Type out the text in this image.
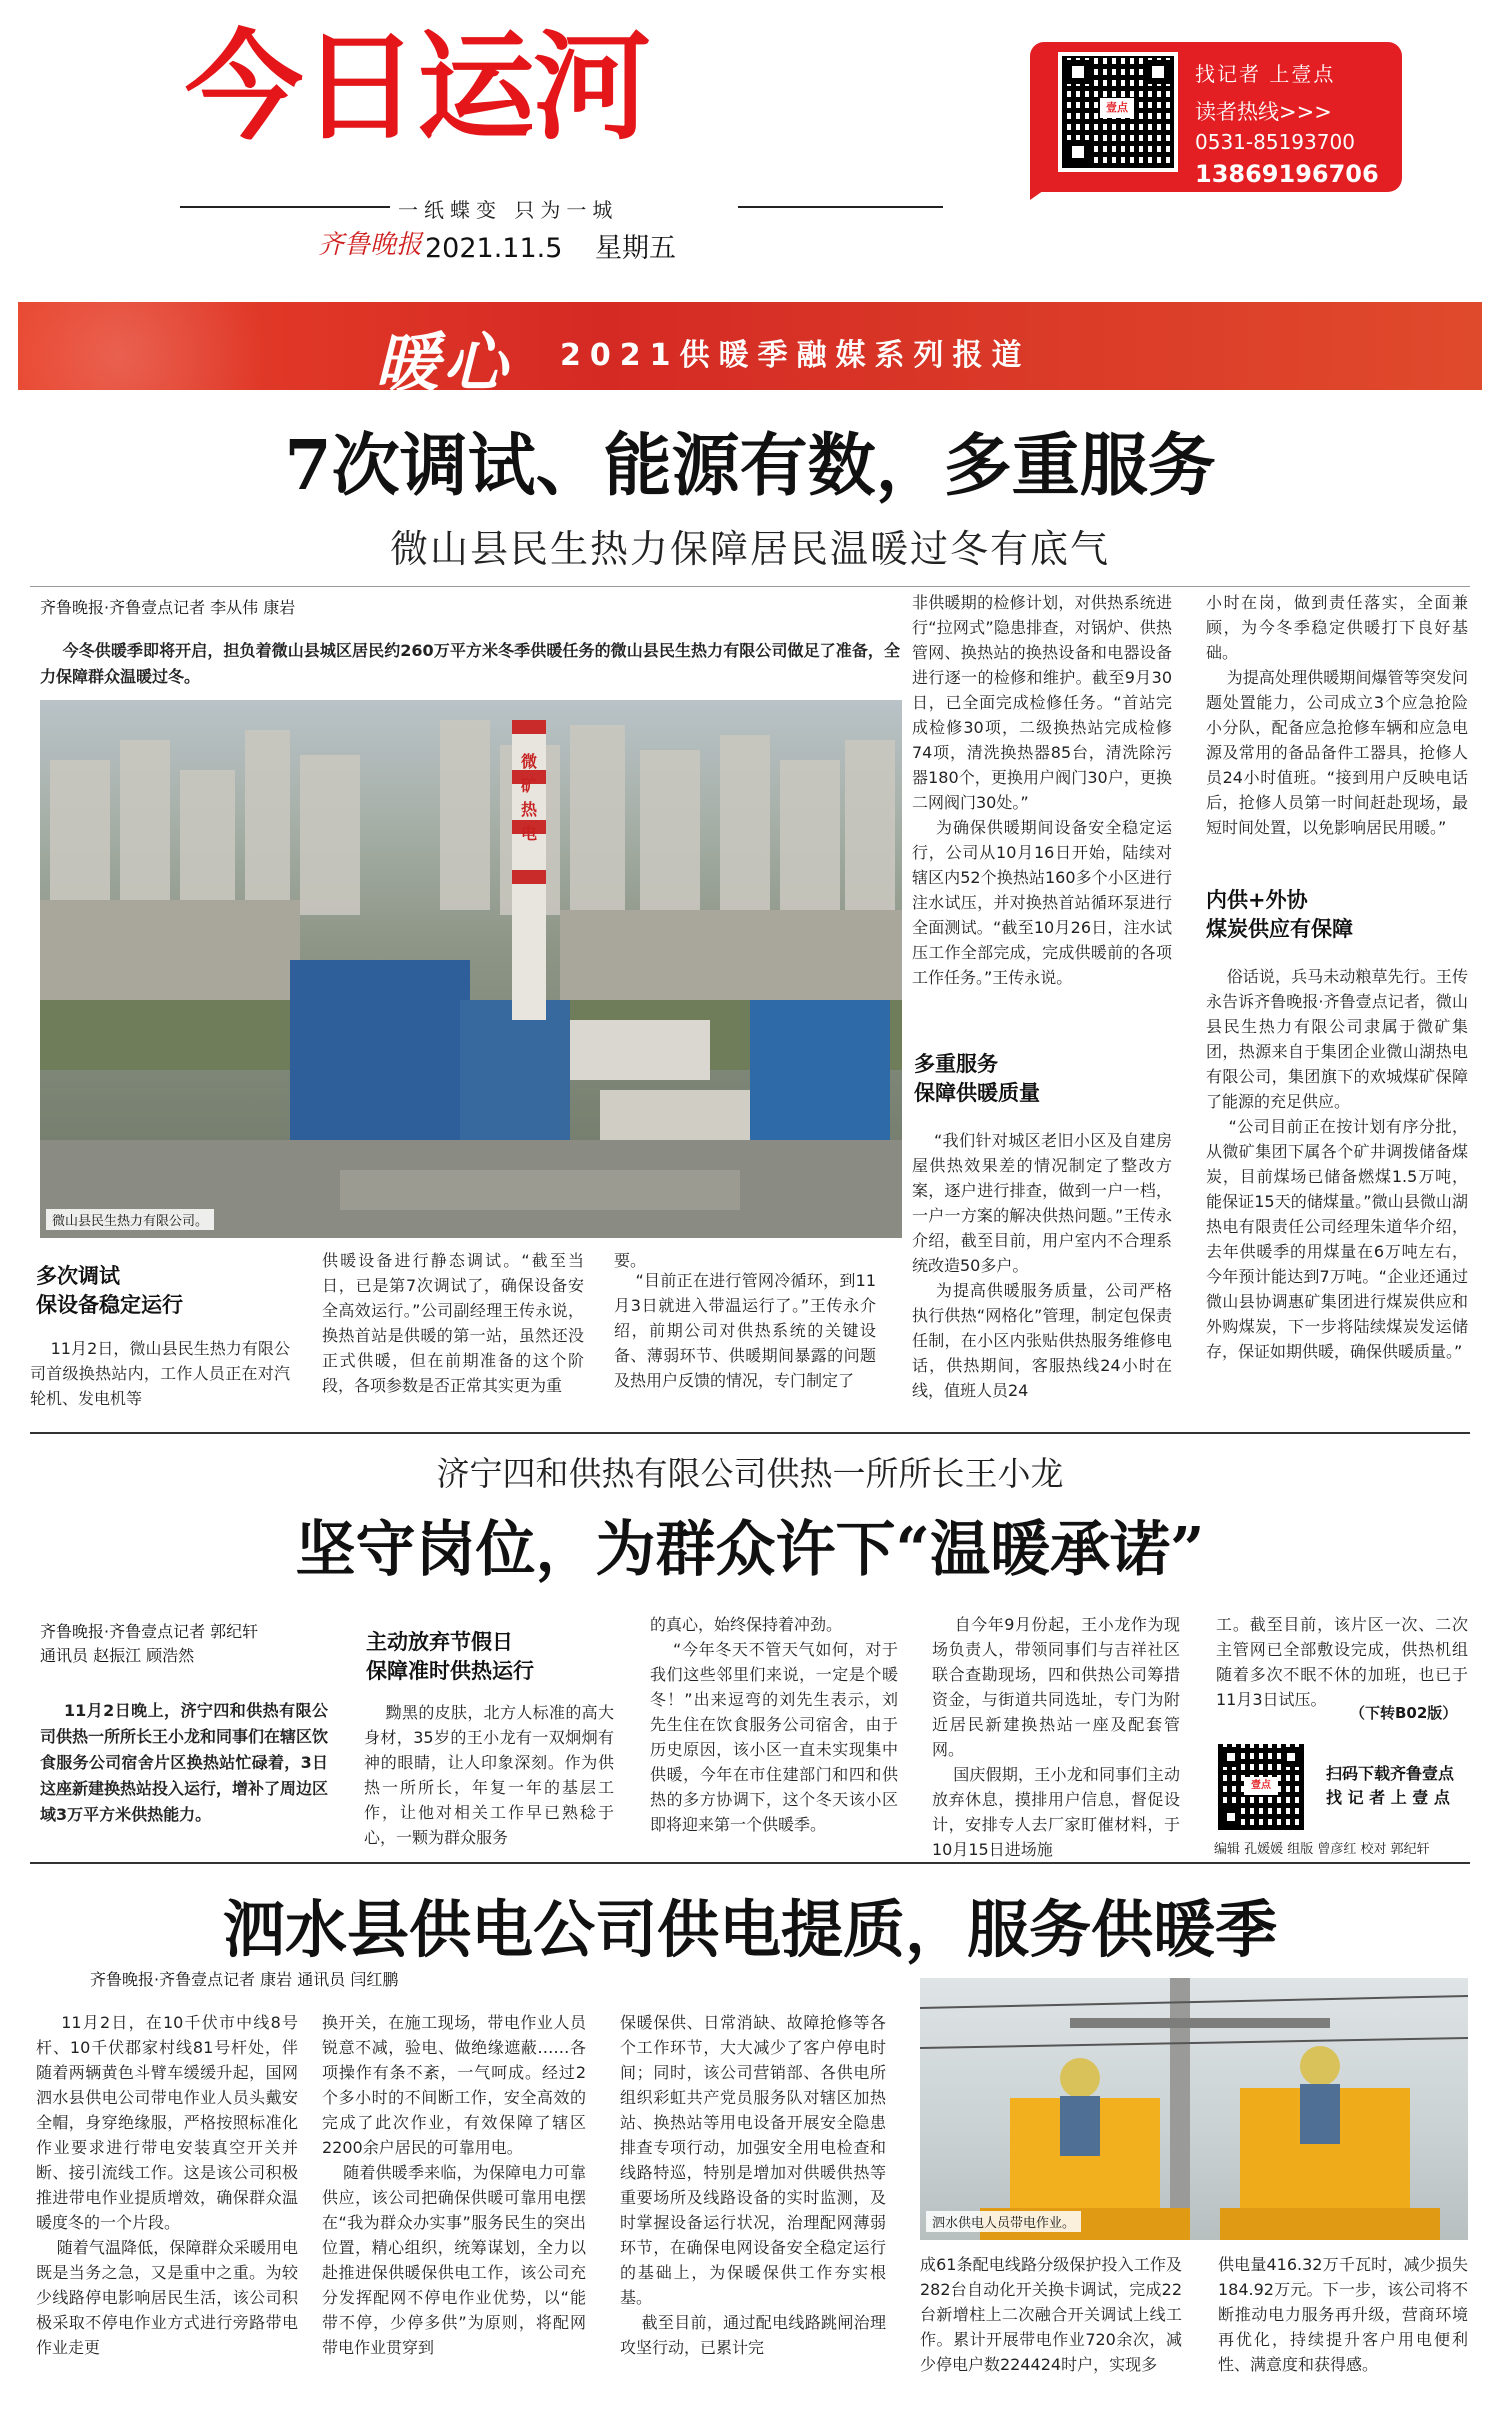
今日运河
一纸蝶变 只为一城
齐鲁晚报 2021.11.5 星期五
壹点
找记者 上壹点
读者热线>>>
0531-85193700
13869196706
暖心 2021供暖季融媒系列报道
7次调试、能源有数，多重服务
微山县民生热力保障居民温暖过冬有底气
齐鲁晚报·齐鲁壹点记者 李从伟 康岩
今冬供暖季即将开启，担负着微山县城区居民约260万平方米冬季供暖任务的微山县民生热力有限公司做足了准备，全力保障群众温暖过冬。
微矿热电
微山县民生热力有限公司。
多次调试
保设备稳定运行
11月2日，微山县民生热力有限公司首级换热站内，工作人员正在对汽轮机、发电机等
供暖设备进行静态调试。“截至当日，已是第7次调试了，确保设备安全高效运行。”公司副经理王传永说，换热首站是供暖的第一站，虽然还没正式供暖，但在前期准备的这个阶段，各项参数是否正常其实更为重
要。
“目前正在进行管网冷循环，到11月3日就进入带温运行了。”王传永介绍，前期公司对供热系统的关键设备、薄弱环节、供暖期间暴露的问题及热用户反馈的情况，专门制定了
非供暖期的检修计划，对供热系统进行“拉网式”隐患排查，对锅炉、供热管网、换热站的换热设备和电器设备进行逐一的检修和维护。截至9月30日，已全面完成检修任务。“首站完成检修30项，二级换热站完成检修74项，清洗换热器85台，清洗除污器180个，更换用户阀门30户，更换二网阀门30处。”
为确保供暖期间设备安全稳定运行，公司从10月16日开始，陆续对辖区内52个换热站160多个小区进行注水试压，并对换热首站循环泵进行全面测试。“截至10月26日，注水试压工作全部完成，完成供暖前的各项工作任务。”王传永说。
多重服务
保障供暖质量
“我们针对城区老旧小区及自建房屋供热效果差的情况制定了整改方案，逐户进行排查，做到一户一档，一户一方案的解决供热问题。”王传永介绍，截至目前，用户室内不合理系统改造50多户。
为提高供暖服务质量，公司严格执行供热“网格化”管理，制定包保责任制，在小区内张贴供热服务维修电话，供热期间，客服热线24小时在线，值班人员24
小时在岗，做到责任落实，全面兼顾，为今冬季稳定供暖打下良好基础。
为提高处理供暖期间爆管等突发问题处置能力，公司成立3个应急抢险小分队，配备应急抢修车辆和应急电源及常用的备品备件工器具，抢修人员24小时值班。“接到用户反映电话后，抢修人员第一时间赶赴现场，最短时间处置，以免影响居民用暖。”
内供+外协
煤炭供应有保障
俗话说，兵马未动粮草先行。王传永告诉齐鲁晚报·齐鲁壹点记者，微山县民生热力有限公司隶属于微矿集团，热源来自于集团企业微山湖热电有限公司，集团旗下的欢城煤矿保障了能源的充足供应。
“公司目前正在按计划有序分批，从微矿集团下属各个矿井调拨储备煤炭，目前煤场已储备燃煤1.5万吨，能保证15天的储煤量。”微山县微山湖热电有限责任公司经理朱道华介绍，去年供暖季的用煤量在6万吨左右，今年预计能达到7万吨。“企业还通过微山县协调惠矿集团进行煤炭供应和外购煤炭，下一步将陆续煤炭发运储存，保证如期供暖，确保供暖质量。”
济宁四和供热有限公司供热一所所长王小龙
坚守岗位，为群众许下“温暖承诺”
齐鲁晚报·齐鲁壹点记者 郭纪轩
通讯员 赵振江 顾浩然
11月2日晚上，济宁四和供热有限公司供热一所所长王小龙和同事们在辖区饮食服务公司宿舍片区换热站忙碌着，3日这座新建换热站投入运行，增补了周边区域3万平方米供热能力。
主动放弃节假日
保障准时供热运行
黝黑的皮肤，北方人标准的高大身材，35岁的王小龙有一双炯炯有神的眼睛，让人印象深刻。作为供热一所所长，年复一年的基层工作，让他对相关工作早已熟稔于心，一颗为群众服务
的真心，始终保持着冲劲。
“今年冬天不管天气如何，对于我们这些邻里们来说，一定是个暖冬！”出来逗弯的刘先生表示，刘先生住在饮食服务公司宿舍，由于历史原因，该小区一直未实现集中供暖，今年在市住建部门和四和供热的多方协调下，这个冬天该小区即将迎来第一个供暖季。
自今年9月份起，王小龙作为现场负责人，带领同事们与吉祥社区联合查勘现场，四和供热公司筹措资金，与街道共同选址，专门为附近居民新建换热站一座及配套管网。
国庆假期，王小龙和同事们主动放弃休息，摸排用户信息，督促设计，安排专人去厂家盯催材料，于10月15日进场施
工。截至目前，该片区一次、二次主管网已全部敷设完成，供热机组随着多次不眠不休的加班，也已于11月3日试压。
（下转B02版）
壹点
扫码下载齐鲁壹点
找 记 者 上 壹 点
编辑 孔媛媛 组版 曾彦红 校对 郭纪轩
泗水县供电公司供电提质，服务供暖季
齐鲁晚报·齐鲁壹点记者 康岩 通讯员 闫红鹏
11月2日，在10千伏市中线8号杆、10千伏郡家村线81号杆处，伴随着两辆黄色斗臂车缓缓升起，国网泗水县供电公司带电作业人员头戴安全帽，身穿绝缘服，严格按照标准化作业要求进行带电安装真空开关并断、接引流线工作。这是该公司积极推进带电作业提质增效，确保群众温暖度冬的一个片段。
随着气温降低，保障群众采暖用电既是当务之急，又是重中之重。为较少线路停电影响居民生活，该公司积极采取不停电作业方式进行旁路带电作业走更
换开关，在施工现场，带电作业人员锐意不减，验电、做绝缘遮蔽……各项操作有条不紊，一气呵成。经过2个多小时的不间断工作，安全高效的完成了此次作业，有效保障了辖区2200余户居民的可靠用电。
随着供暖季来临，为保障电力可靠供应，该公司把确保供暖可靠用电摆在“我为群众办实事”服务民生的突出位置，精心组织，统筹谋划，全力以赴推进保供暖保供电工作，该公司充分发挥配网不停电作业优势，以“能带不停，少停多供”为原则，将配网带电作业贯穿到
保暖保供、日常消缺、故障抢修等各个工作环节，大大减少了客户停电时间；同时，该公司营销部、各供电所组织彩虹共产党员服务队对辖区加热站、换热站等用电设备开展安全隐患排查专项行动，加强安全用电检查和线路特巡，特别是增加对供暖供热等重要场所及线路设备的实时监测，及时掌握设备运行状况，治理配网薄弱环节，在确保电网设备安全稳定运行的基础上，为保暖保供工作夯实根基。
截至目前，通过配电线路跳闸治理攻坚行动，已累计完
泗水供电人员带电作业。
成61条配电线路分级保护投入工作及282台自动化开关换卡调试，完成22台新增柱上二次融合开关调试上线工作。累计开展带电作业720余次，减少停电户数224424时户，实现多
供电量416.32万千瓦时，减少损失184.92万元。下一步，该公司将不断推动电力服务再升级，营商环境再优化，持续提升客户用电便利性、满意度和获得感。
